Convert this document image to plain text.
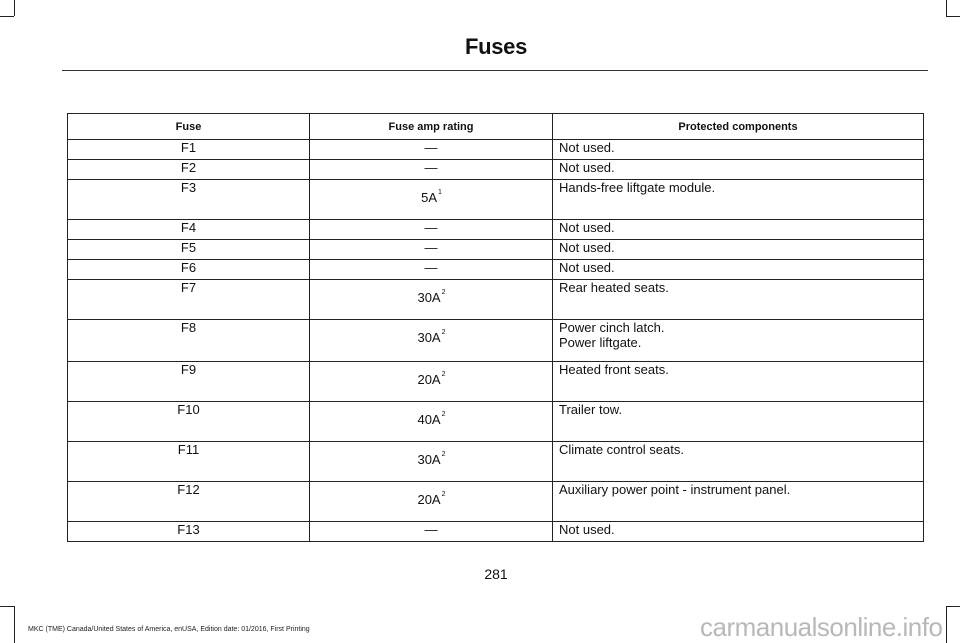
Fuses
Fuse	Fuse amp rating	Protected components
F1	—	Not used.

F2	—	Not used.

F3	$5A^1$	Hands-free liftgate module.

F4	—	Not used.

F5	—	Not used.

F6	—	Not used.

F7	$30A^2$	Rear heated seats.

F8	$30A^2$	Power cinch latch.
Power liftgate.

F9	$20A^2$	Heated front seats.

F10	$40A^2$	Trailer tow.

F11	$30A^2$	Climate control seats.

F12	$20A^2$	Auxiliary power point - instrument panel.

F13	—	Not used.
281
MKC (TME) Canada/United States of America, enUSA, Edition date: 01/2016, First Printing	carmanualsonline.info
